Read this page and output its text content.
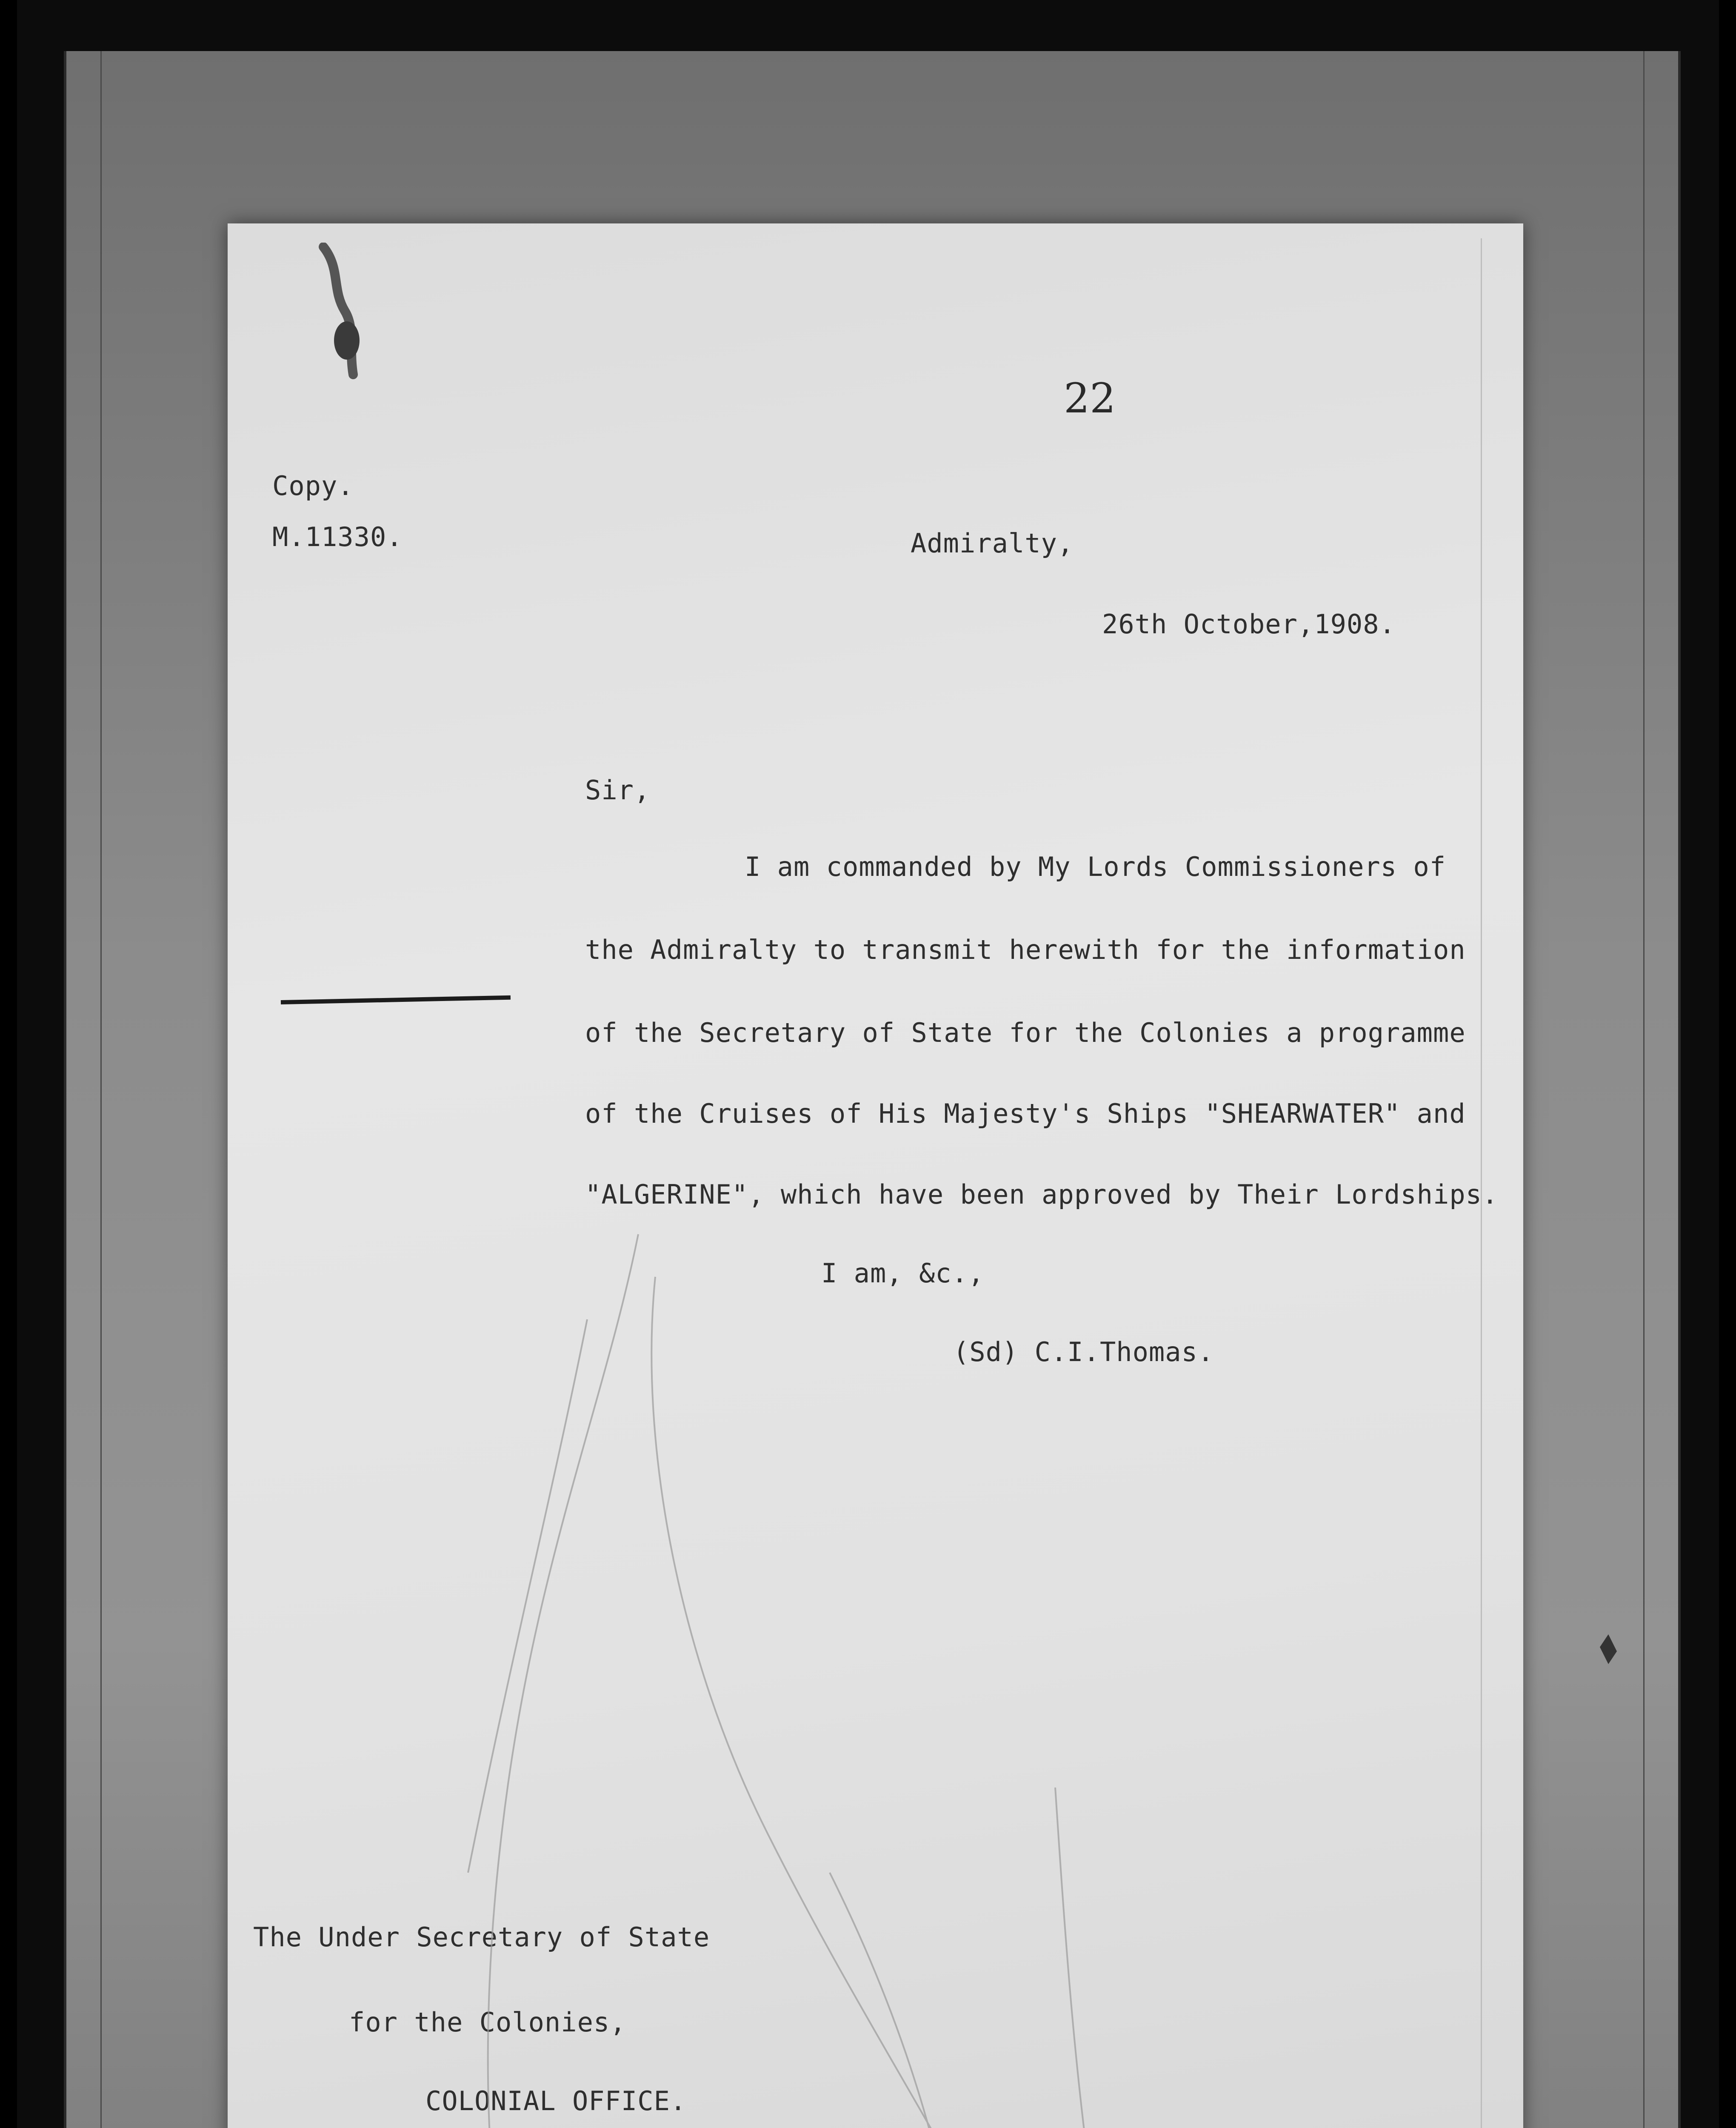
22
Copy.
M.11330.	Admiralty,
26th October,1908.
Sir,
I am commanded by My Lords Commissioners of
the Admiralty to transmit herewith for the information
of the Secretary of State for the Colonies a programme
of the Cruises of His Majesty's Ships "SHEARWATER" and
"ALGERINE", which have been approved by Their Lordships.
I am, &c.,
(Sd) C.I.Thomas.
The Under Secretary of State
for the Colonies,
COLONIAL OFFICE.
